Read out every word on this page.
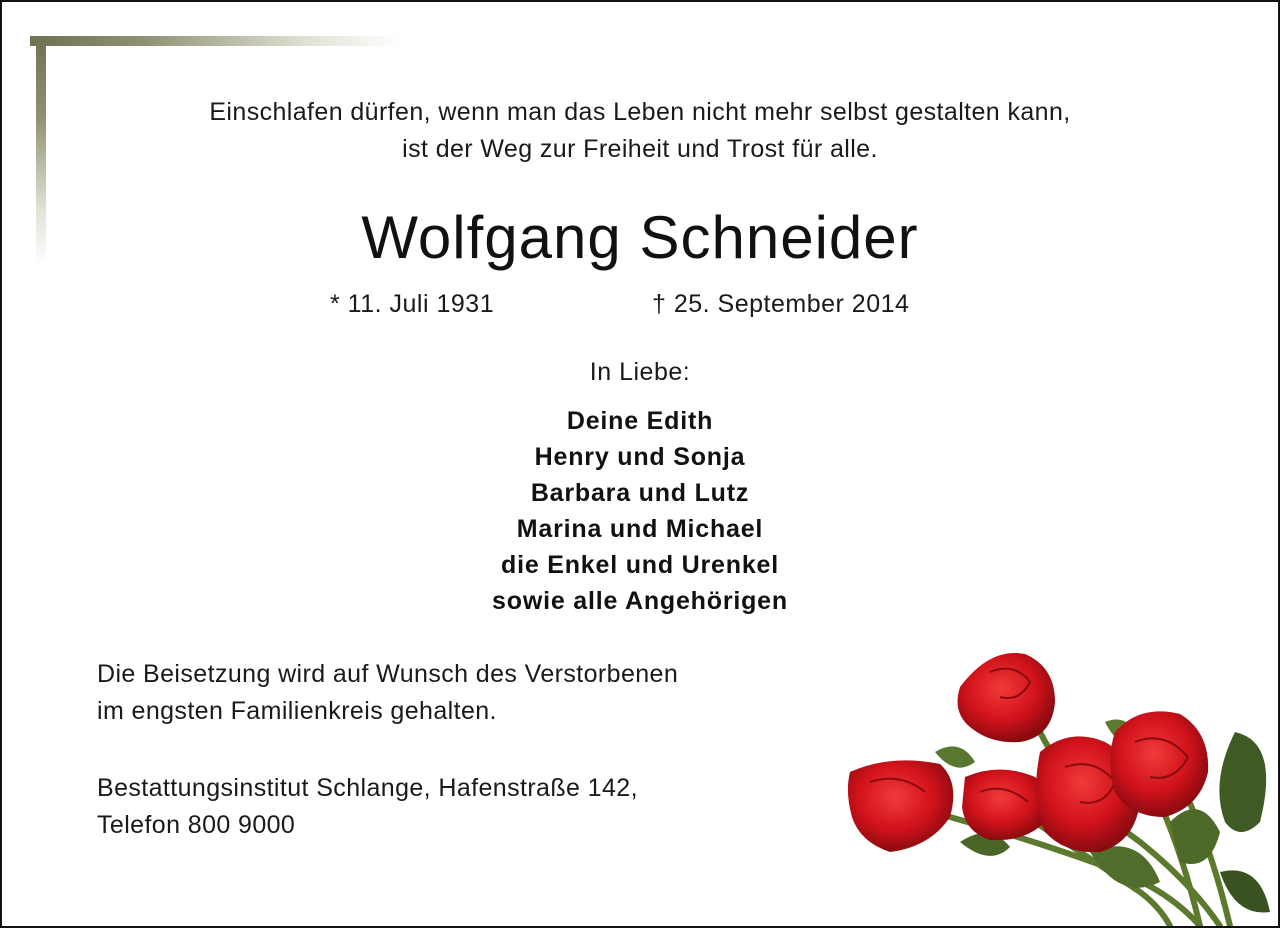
Einschlafen dürfen, wenn man das Leben nicht mehr selbst gestalten kann,
ist der Weg zur Freiheit und Trost für alle.
Wolfgang Schneider
* 11. Juli 1931	† 25. September 2014
In Liebe:
Deine Edith
Henry und Sonja
Barbara und Lutz
Marina und Michael
die Enkel und Urenkel
sowie alle Angehörigen
Die Beisetzung wird auf Wunsch des Verstorbenen
im engsten Familienkreis gehalten.
Bestattungsinstitut Schlange, Hafenstraße 142,
Telefon 800 9000
